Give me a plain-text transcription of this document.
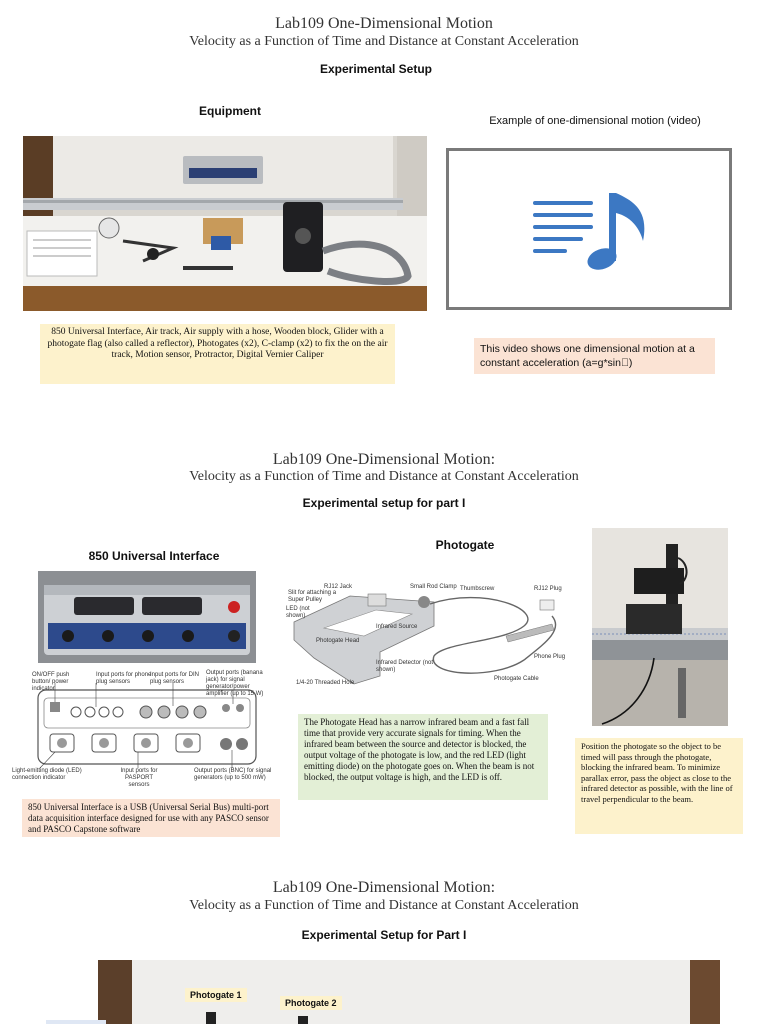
Lab109 One-Dimensional Motion
Velocity as a Function of Time and Distance at Constant Acceleration
Experimental Setup
Equipment
Example of one-dimensional motion (video)
850 Universal Interface, Air track, Air supply with a hose, Wooden block, Glider with a photogate flag (also called a reflector), Photogates (x2), C-clamp (x2) to fix the on the air track, Motion sensor, Protractor, Digital Vernier Caliper	This video shows one dimensional motion at a constant acceleration (a=g*sin )
Lab109 One-Dimensional Motion:
Velocity as a Function of Time and Distance at Constant Acceleration
Experimental setup for part I
850 Universal Interface
Photogate
ON/OFF push button/ power indicator
Input ports for phone plug sensors
Input ports for DIN plug sensors
Output ports (banana jack) for signal generator/power amplifier (up to 15 W)
Light-emitting diode (LED) connection indicator
Input ports for PASPORT sensors
Output ports (BNC) for signal generators (up to 500 mW)
850 Universal Interface is a USB (Universal Serial Bus) multi-port data acquisition interface designed for use with any PASCO sensor and PASCO Capstone software
RJ12 Jack
Slit for attaching a Super Pulley
LED (not shown)
Small Rod Clamp Thumbscrew	RJ12 Plug
Infrared Source
Photogate Head
Infrared Detector (not shown)
1/4-20 Threaded Hole
Phone Plug
Photogate Cable
The Photogate Head has a narrow infrared beam and a fast fall time that provide very accurate signals for timing. When the infrared beam between the source and detector is blocked, the output voltage of the photogate is low, and the red LED (light emitting diode) on the photogate goes on. When the beam is not blocked, the output voltage is high, and the LED is off.
Position the photogate so the object to be timed will pass through the photogate, blocking the infrared beam. To minimize parallax error, pass the object as close to the infrared detector as possible, with the line of travel perpendicular to the beam.
Lab109 One-Dimensional Motion:
Velocity as a Function of Time and Distance at Constant Acceleration
Experimental Setup for Part I
Photogate 1
Photogate 2
